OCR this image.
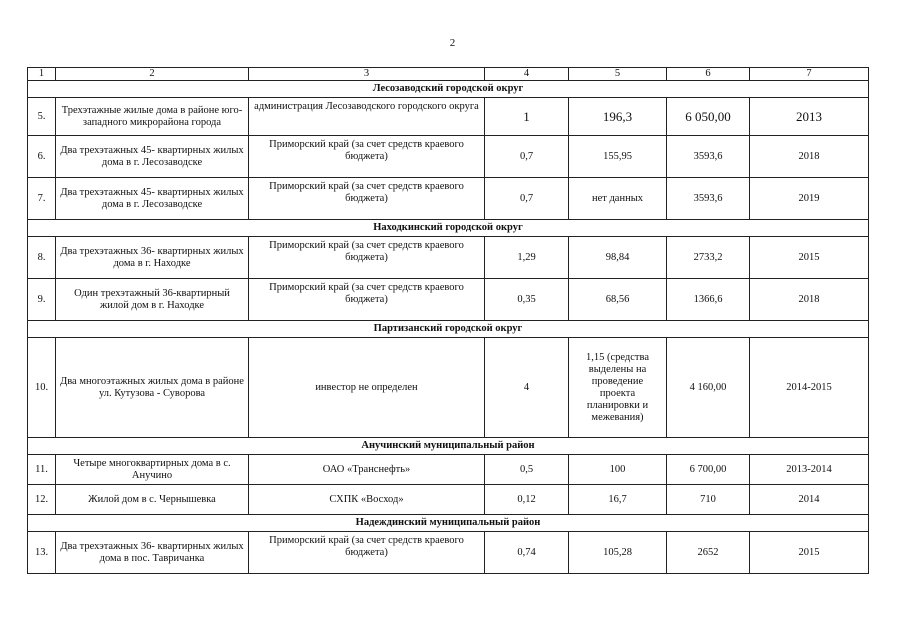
2
1	2	3	4	5	6	7
Лесозаводский городской округ						
5.	Трехэтажные жилые дома в районе юго-западного микрорайона города	администрация Лесозаводского городского округа	1	196,3	6 050,00	2013
6.	Два трехэтажных 45- квартирных жилых дома в г. Лесозаводске	Приморский край (за счет средств краевого бюджета)	0,7	155,95	3593,6	2018
7.	Два трехэтажных 45- квартирных жилых дома в г. Лесозаводске	Приморский край (за счет средств краевого бюджета)	0,7	нет данных	3593,6	2019
Находкинский городской округ						
8.	Два трехэтажных 36- квартирных жилых дома в г. Находке	Приморский край (за счет средств краевого бюджета)	1,29	98,84	2733,2	2015
9.	Один трехэтажный 36-квартирный жилой дом в г. Находке	Приморский край (за счет средств краевого бюджета)	0,35	68,56	1366,6	2018
Партизанский городской округ						
10.	Два многоэтажных жилых дома в районе ул. Кутузова - Суворова	инвестор не определен	4	1,15 (средства выделены на проведение проекта планировки и межевания)	4 160,00	2014-2015
Анучинский муниципальный район						
11.	Четыре многоквартирных дома в с. Анучино	ОАО «Транснефть»	0,5	100	6 700,00	2013-2014
12.	Жилой дом в с. Чернышевка	СХПК «Восход»	0,12	16,7	710	2014
Надеждинский муниципальный район						
13.	Два трехэтажных 36- квартирных жилых дома в пос. Тавричанка	Приморский край (за счет средств краевого бюджета)	0,74	105,28	2652	2015
